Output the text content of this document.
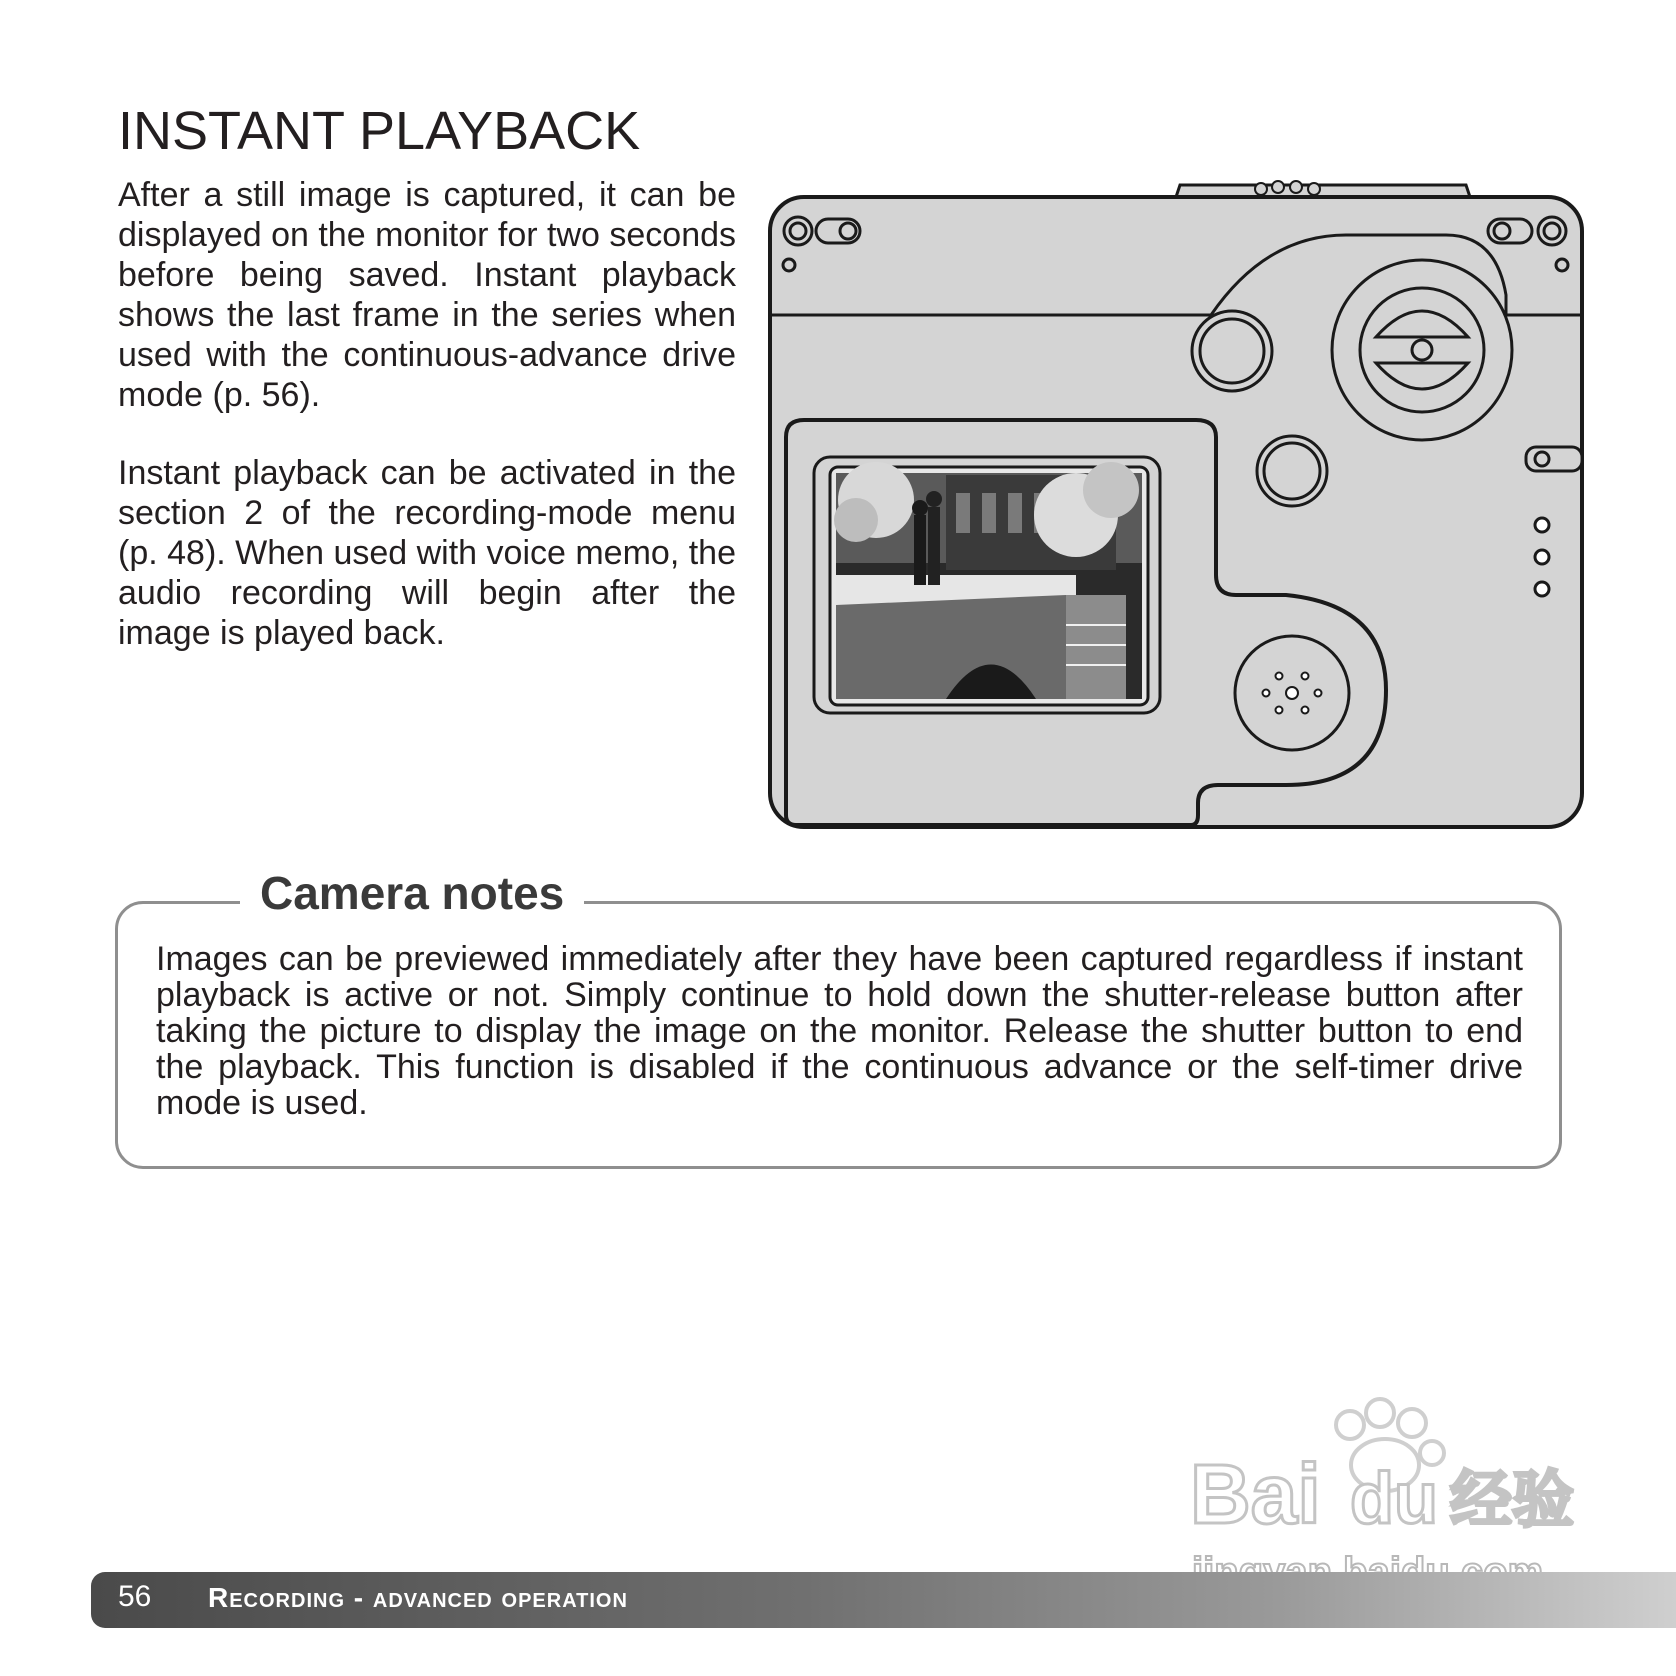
INSTANT PLAYBACK

After a still image is captured, it can be displayed on the monitor for two seconds before being saved. Instant playback shows the last frame in the series when used with the continuous-advance drive mode (p. 56).

Instant playback can be activated in the section 2 of the recording-mode menu (p. 48). When used with voice memo, the audio recording will begin after the image is played back.

Camera notes

Images can be previewed immediately after they have been captured regardless if instant playback is active or not. Simply continue to hold down the shutter-release button after taking the picture to display the image on the monitor. Release the shutter button to end the playback. This function is disabled if the continuous advance or the self-timer drive mode is used.

Bai du 经验
56 Recording - advanced operation
